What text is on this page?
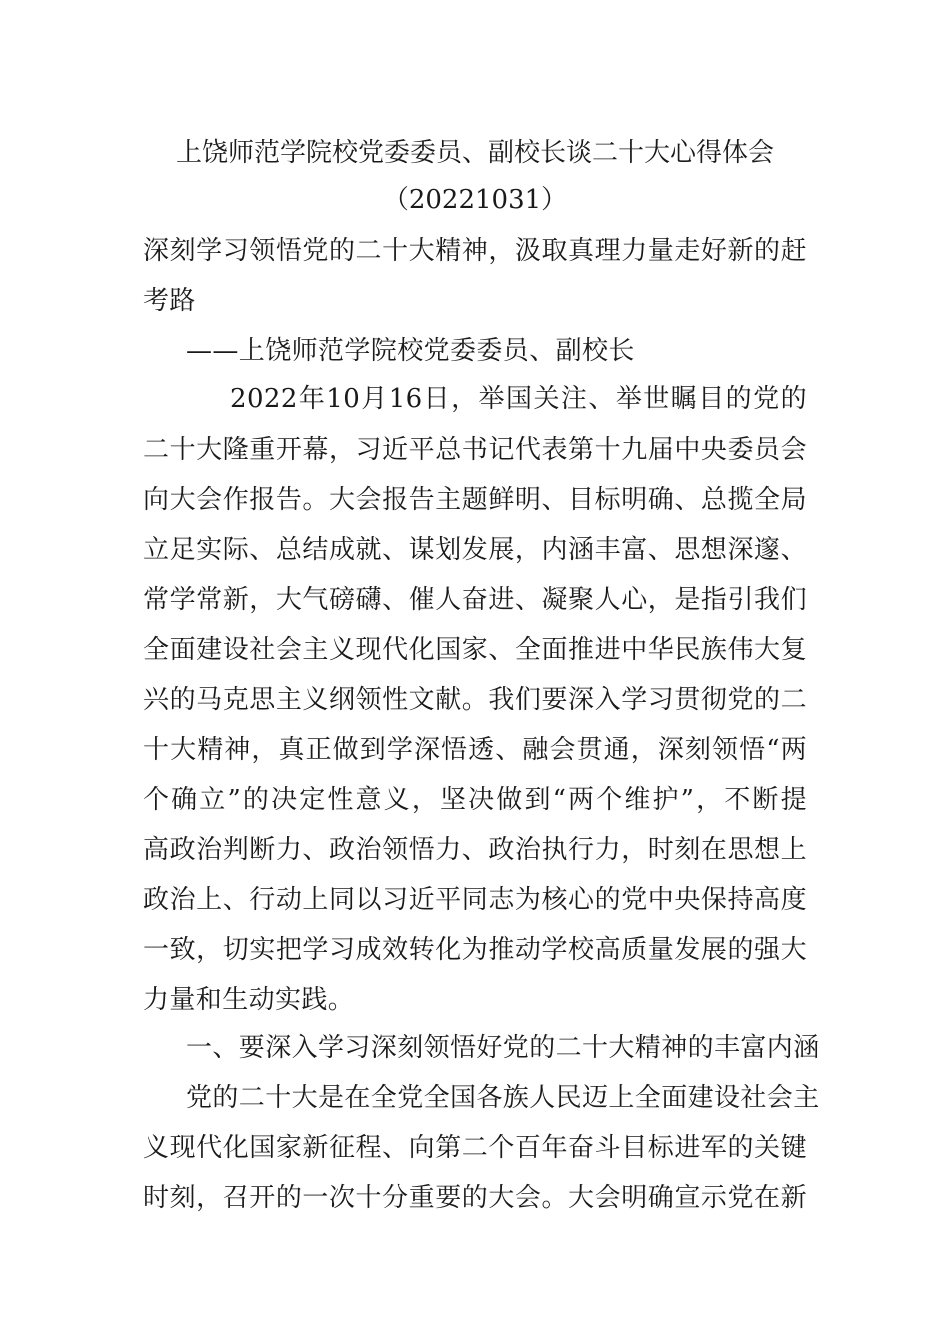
上饶师范学院校党委委员、副校长谈二十大心得体会
（20221031）
深刻学习领悟党的二十大精神，汲取真理力量走好新的赶
考路
——上饶师范学院校党委委员、副校长
2022年10月16日，举国关注、举世瞩目的党的
二十大隆重开幕，习近平总书记代表第十九届中央委员会
向大会作报告。大会报告主题鲜明、目标明确、总揽全局
立足实际、总结成就、谋划发展，内涵丰富、思想深邃、
常学常新，大气磅礴、催人奋进、凝聚人心，是指引我们
全面建设社会主义现代化国家、全面推进中华民族伟大复
兴的马克思主义纲领性文献。我们要深入学习贯彻党的二
十大精神，真正做到学深悟透、融会贯通，深刻领悟“两
个确立”的决定性意义，坚决做到“两个维护”，不断提
高政治判断力、政治领悟力、政治执行力，时刻在思想上
政治上、行动上同以习近平同志为核心的党中央保持高度
一致，切实把学习成效转化为推动学校高质量发展的强大
力量和生动实践。
一、要深入学习深刻领悟好党的二十大精神的丰富内涵
党的二十大是在全党全国各族人民迈上全面建设社会主
义现代化国家新征程、向第二个百年奋斗目标进军的关键
时刻，召开的一次十分重要的大会。大会明确宣示党在新
